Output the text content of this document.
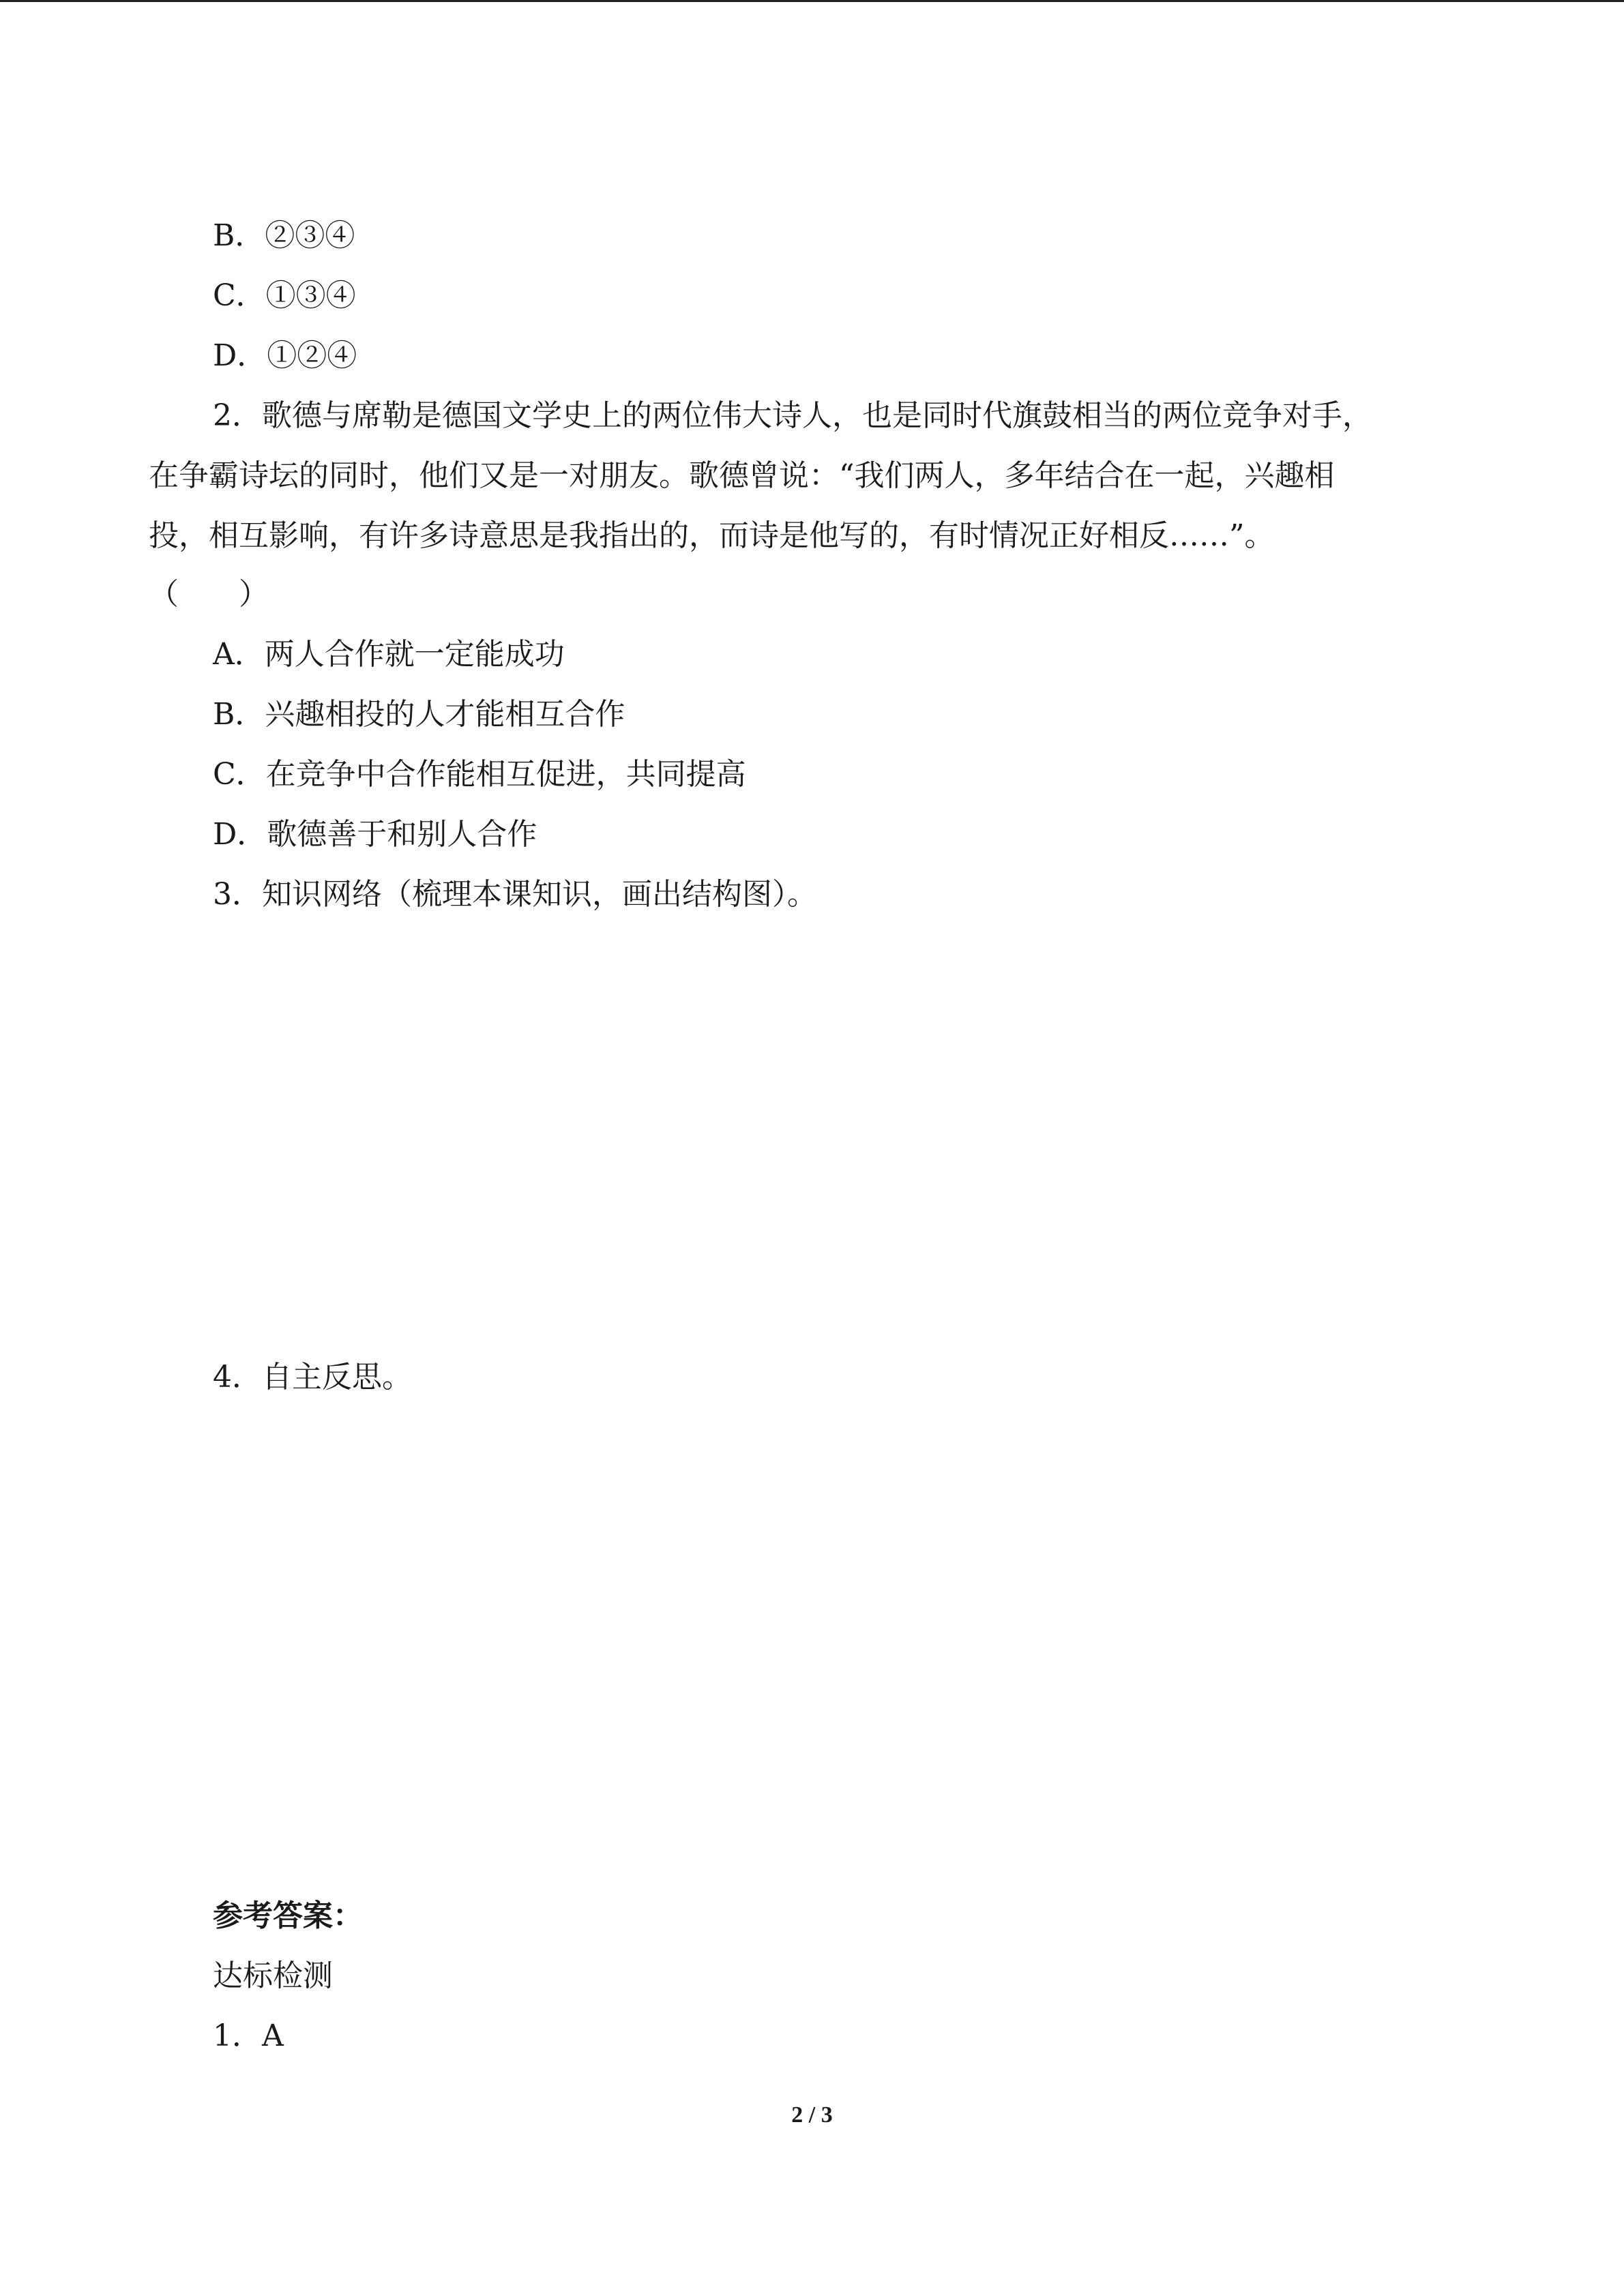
B．②③④
C．①③④
D．①②④
2．歌德与席勒是德国文学史上的两位伟大诗人，也是同时代旗鼓相当的两位竞争对手，
在争霸诗坛的同时，他们又是一对朋友。歌德曾说：“我们两人，多年结合在一起，兴趣相
投，相互影响，有许多诗意思是我指出的，而诗是他写的，有时情况正好相反……”。
（　　）
A．两人合作就一定能成功
B．兴趣相投的人才能相互合作
C．在竞争中合作能相互促进，共同提高
D．歌德善于和别人合作
3．知识网络（梳理本课知识，画出结构图）。
4．自主反思。
参考答案：
达标检测
1．A
2 / 3
